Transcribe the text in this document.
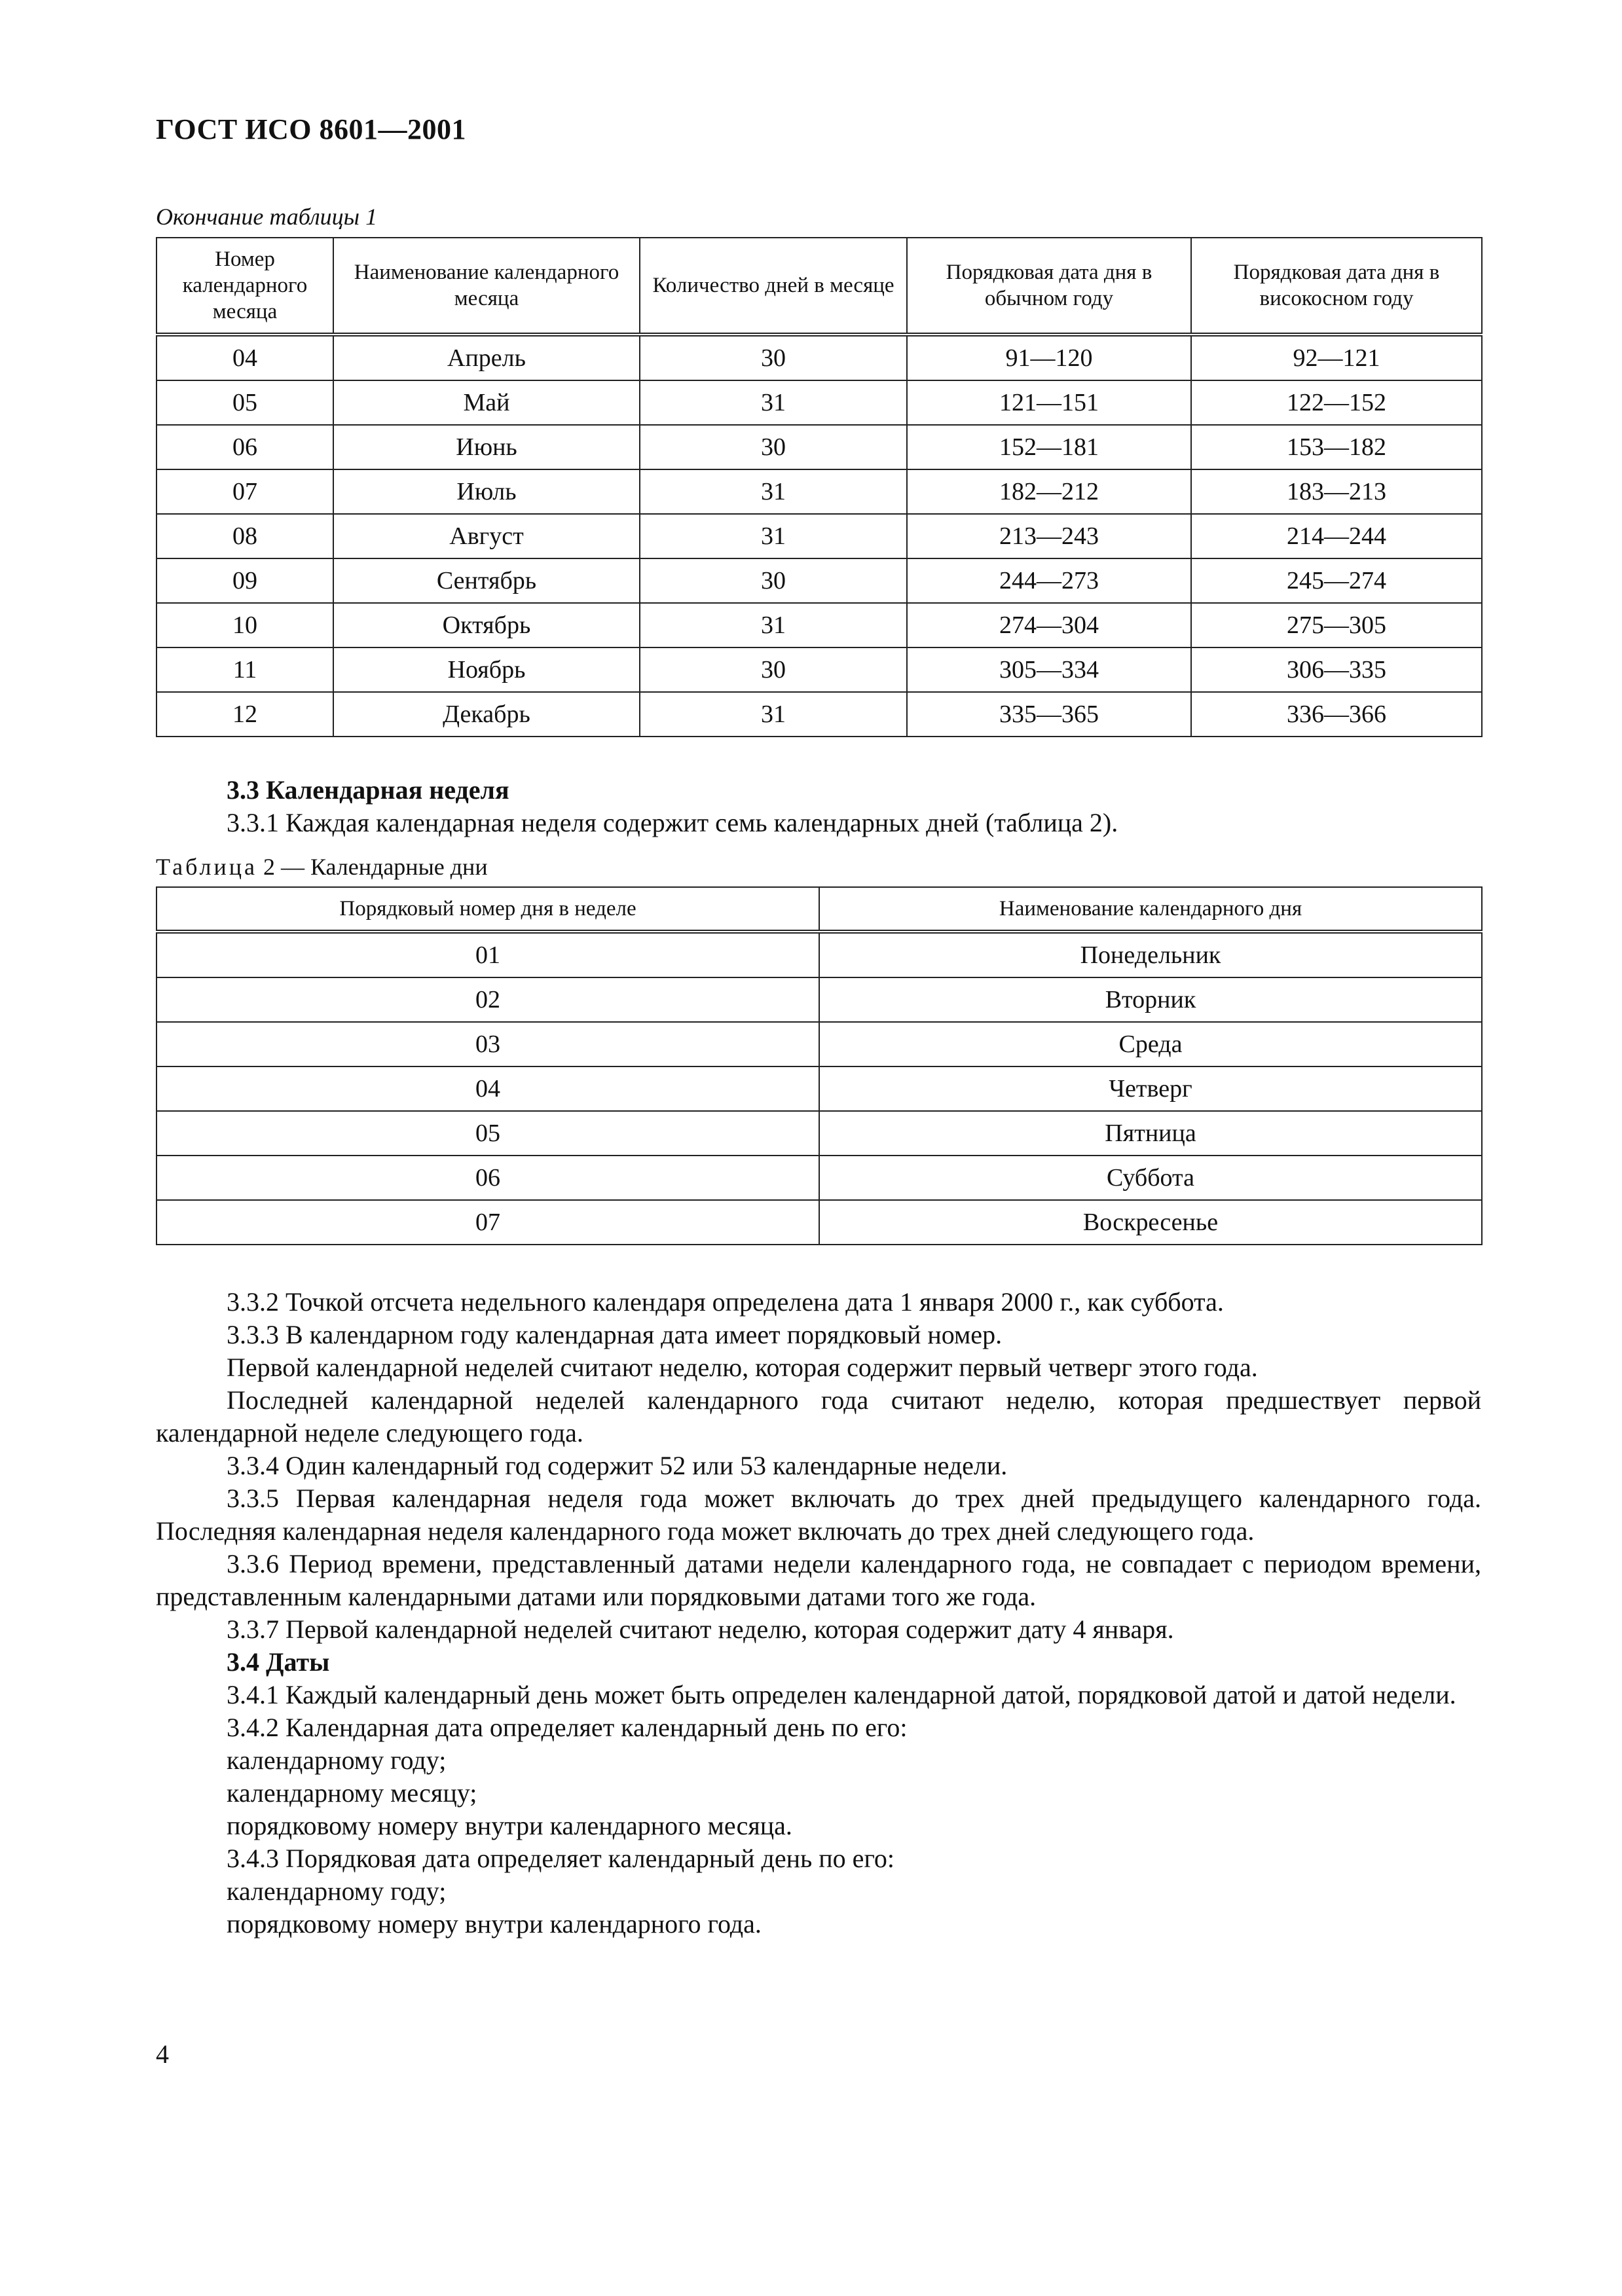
ГОСТ ИСО 8601—2001
Окончание таблицы 1
Номер календарного месяца	Наименование календарного месяца	Количество дней в месяце	Порядковая дата дня в обычном году	Порядковая дата дня в високосном году
04	Апрель	30	91—120	92—121
05	Май	31	121—151	122—152
06	Июнь	30	152—181	153—182
07	Июль	31	182—212	183—213
08	Август	31	213—243	214—244
09	Сентябрь	30	244—273	245—274
10	Октябрь	31	274—304	275—305
11	Ноябрь	30	305—334	306—335
12	Декабрь	31	335—365	336—366
3.3 Календарная неделя

3.3.1 Каждая календарная неделя содержит семь календарных дней (таблица 2).

Таблица 2 — Календарные дни
Порядковый номер дня в неделе	Наименование календарного дня
01	Понедельник
02	Вторник
03	Среда
04	Четверг
05	Пятница
06	Суббота
07	Воскресенье

3.3.2 Точкой отсчета недельного календаря определена дата 1 января 2000 г., как суббота.

3.3.3 В календарном году календарная дата имеет порядковый номер.

Первой календарной неделей считают неделю, которая содержит первый четверг этого года.

Последней календарной неделей календарного года считают неделю, которая предшествует первой календарной неделе следующего года.

3.3.4 Один календарный год содержит 52 или 53 календарные недели.

3.3.5 Первая календарная неделя года может включать до трех дней предыдущего календарного года. Последняя календарная неделя календарного года может включать до трех дней следующего года.

3.3.6 Период времени, представленный датами недели календарного года, не совпадает с периодом времени, представленным календарными датами или порядковыми датами того же года.

3.3.7 Первой календарной неделей считают неделю, которая содержит дату 4 января.

3.4 Даты

3.4.1 Каждый календарный день может быть определен календарной датой, порядковой датой и датой недели.

3.4.2 Календарная дата определяет календарный день по его:

календарному году;

календарному месяцу;

порядковому номеру внутри календарного месяца.

3.4.3 Порядковая дата определяет календарный день по его:

календарному году;

порядковому номеру внутри календарного года.

4
